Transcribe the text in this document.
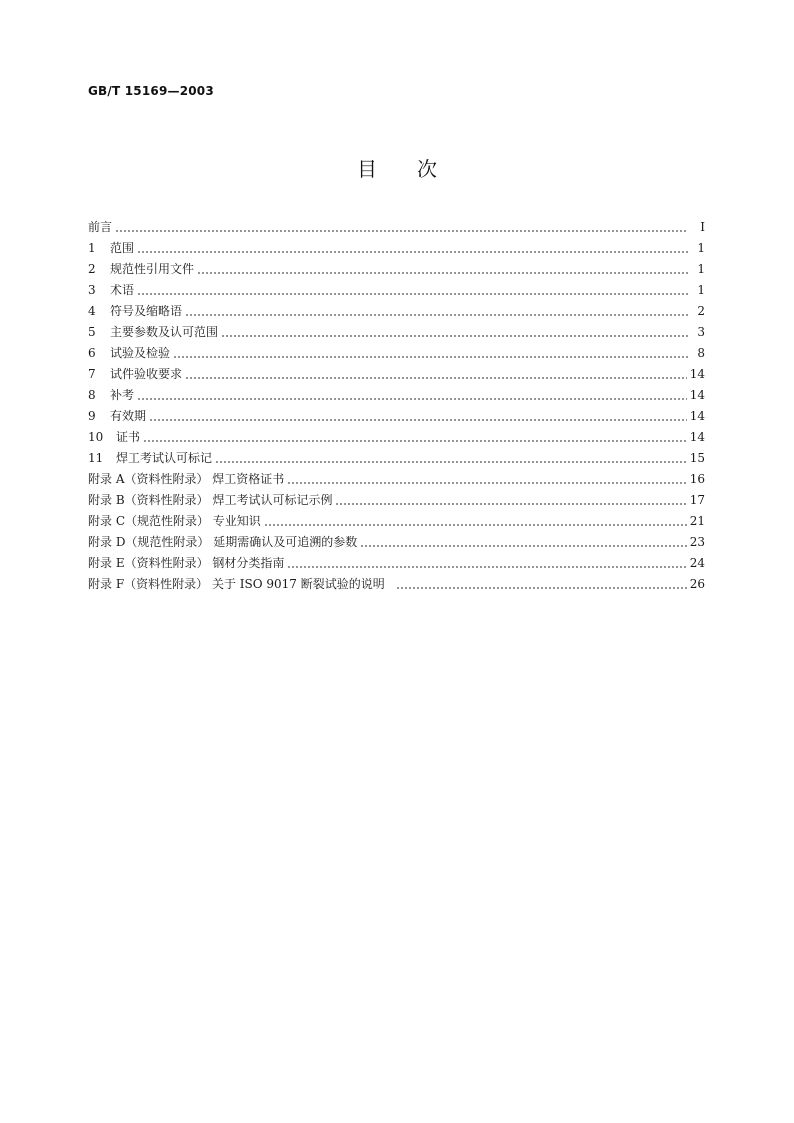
GB/T 15169—2003
目 次
前言	I
1	范围	1
2	规范性引用文件	1
3	术语	1
4	符号及缩略语	2
5	主要参数及认可范围	3
6	试验及检验	8
7	试件验收要求	14
8	补考	14
9	有效期	14
10	证书	14
11	焊工考试认可标记	15
附录 A（资料性附录） 焊工资格证书	16
附录 B（资料性附录） 焊工考试认可标记示例	17
附录 C（规范性附录） 专业知识	21
附录 D（规范性附录） 延期需确认及可追溯的参数	23
附录 E（资料性附录） 钢材分类指南	24
附录 F（资料性附录） 关于 ISO 9017 断裂试验的说明	26
